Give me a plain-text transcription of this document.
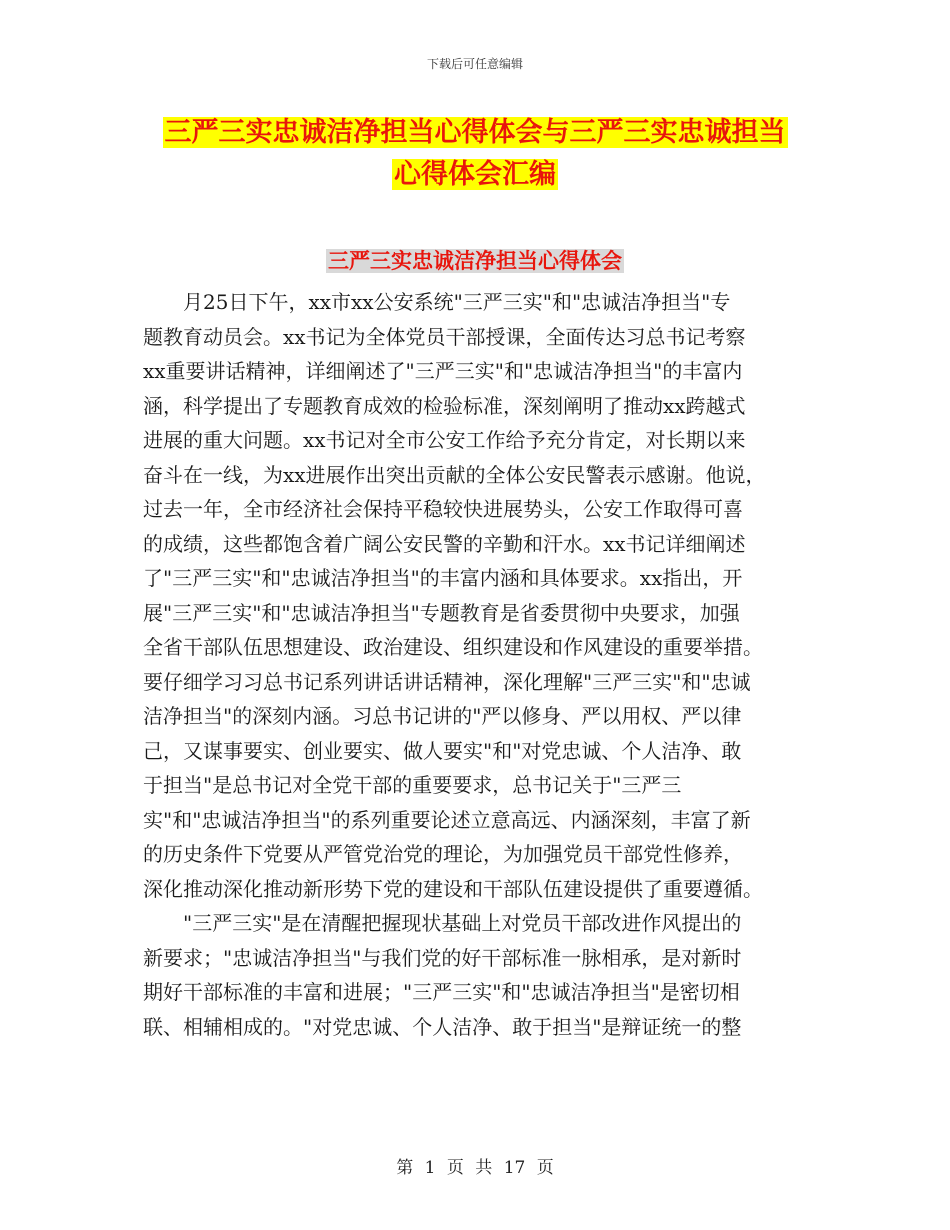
下载后可任意编辑
三严三实忠诚洁净担当心得体会与三严三实忠诚担当
心得体会汇编
三严三实忠诚洁净担当心得体会

　　月25日下午，xx市xx公安系统"三严三实"和"忠诚洁净担当"专
题教育动员会。xx书记为全体党员干部授课，全面传达习总书记考察
xx重要讲话精神，详细阐述了"三严三实"和"忠诚洁净担当"的丰富内
涵，科学提出了专题教育成效的检验标准，深刻阐明了推动xx跨越式
进展的重大问题。xx书记对全市公安工作给予充分肯定，对长期以来
奋斗在一线，为xx进展作出突出贡献的全体公安民警表示感谢。他说，
过去一年，全市经济社会保持平稳较快进展势头，公安工作取得可喜
的成绩，这些都饱含着广阔公安民警的辛勤和汗水。xx书记详细阐述
了"三严三实"和"忠诚洁净担当"的丰富内涵和具体要求。xx指出，开
展"三严三实"和"忠诚洁净担当"专题教育是省委贯彻中央要求，加强
全省干部队伍思想建设、政治建设、组织建设和作风建设的重要举措。
要仔细学习习总书记系列讲话讲话精神，深化理解"三严三实"和"忠诚
洁净担当"的深刻内涵。习总书记讲的"严以修身、严以用权、严以律
己，又谋事要实、创业要实、做人要实"和"对党忠诚、个人洁净、敢
于担当"是总书记对全党干部的重要要求，总书记关于"三严三
实"和"忠诚洁净担当"的系列重要论述立意高远、内涵深刻，丰富了新
的历史条件下党要从严管党治党的理论，为加强党员干部党性修养，
深化推动深化推动新形势下党的建设和干部队伍建设提供了重要遵循。

　　"三严三实"是在清醒把握现状基础上对党员干部改进作风提出的
新要求；"忠诚洁净担当"与我们党的好干部标准一脉相承，是对新时
期好干部标准的丰富和进展；"三严三实"和"忠诚洁净担当"是密切相
联、相辅相成的。"对党忠诚、个人洁净、敢于担当"是辩证统一的整

第 1 页 共 17 页
